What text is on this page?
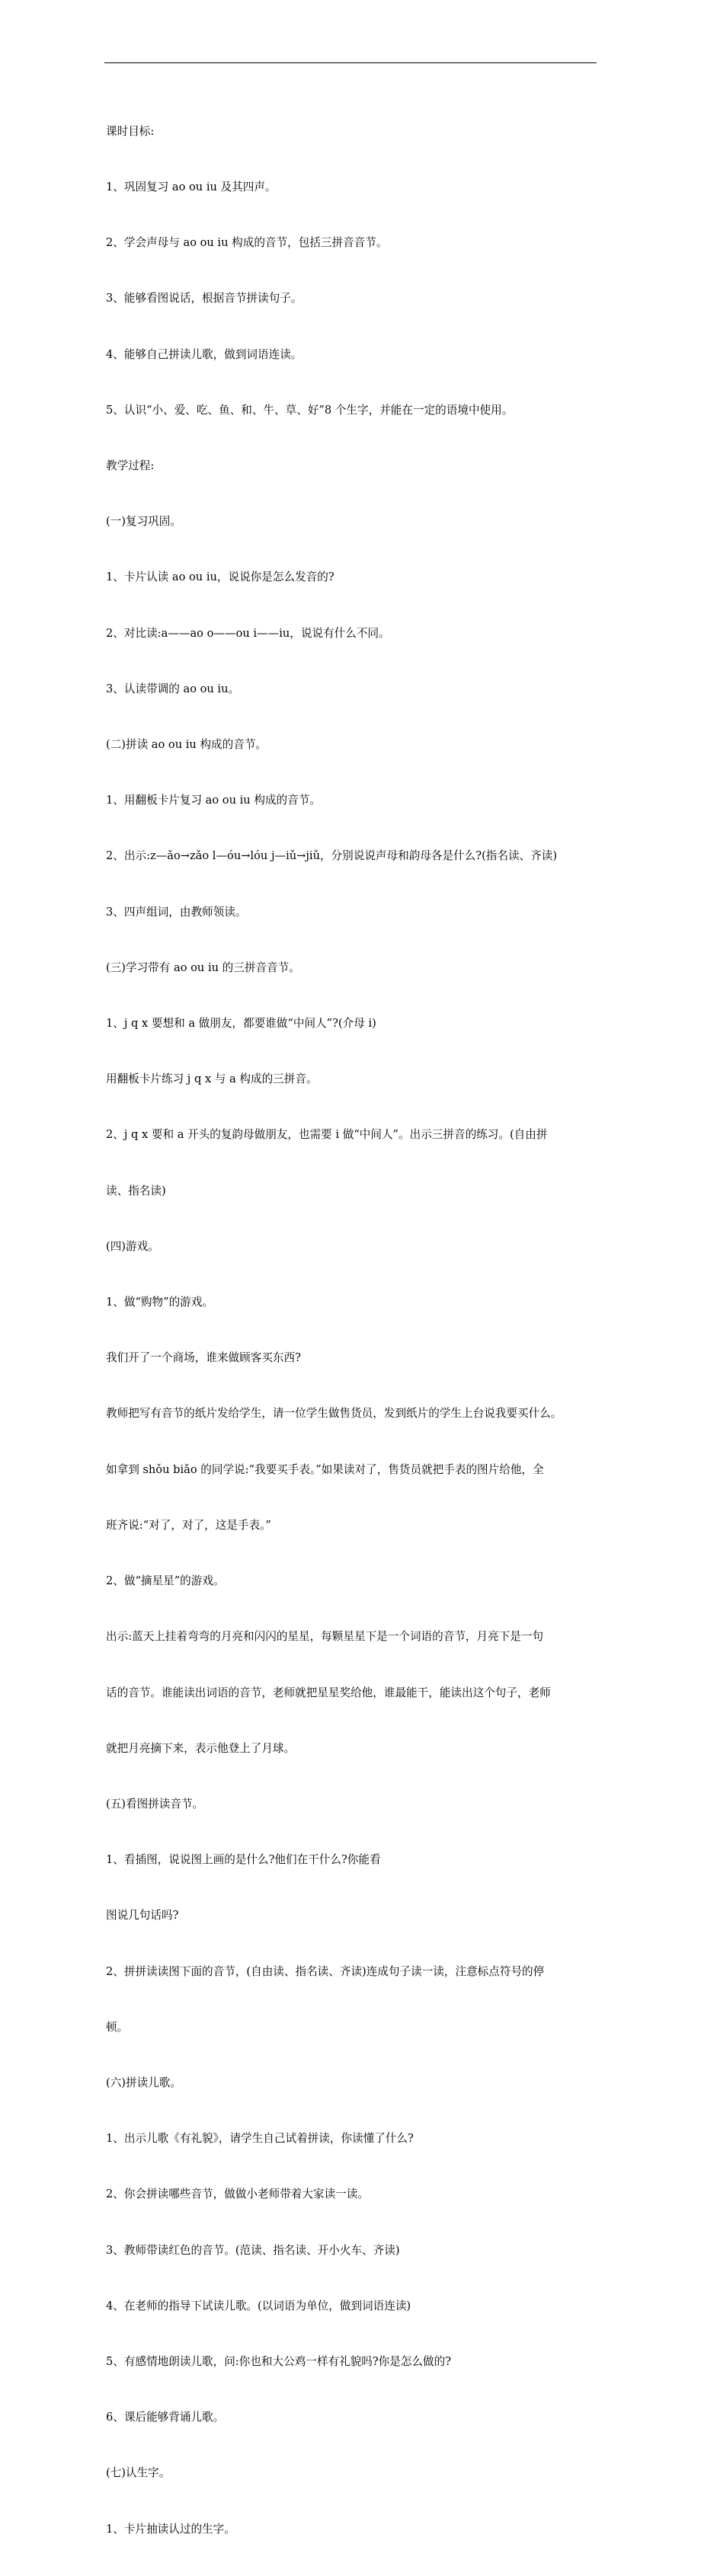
课时目标:

1、巩固复习 ao ou iu 及其四声。

2、学会声母与 ao ou iu 构成的音节，包括三拼音音节。

3、能够看图说话，根据音节拼读句子。

4、能够自己拼读儿歌，做到词语连读。

5、认识“小、爱、吃、鱼、和、牛、草、好”8 个生字，并能在一定的语境中使用。

教学过程:

(一)复习巩固。

1、卡片认读 ao ou iu，说说你是怎么发音的?

2、对比读:a——ao o——ou i——iu，说说有什么不同。

3、认读带调的 ao ou iu。

(二)拼读 ao ou iu 构成的音节。

1、用翻板卡片复习 ao ou iu 构成的音节。

2、出示:z—ǎo→zǎo l—óu→lóu j—iǔ→jiǔ，分别说说声母和韵母各是什么?(指名读、齐读)

3、四声组词，由教师领读。

(三)学习带有 ao ou iu 的三拼音音节。

1、j q x 要想和 a 做朋友，都要谁做“中间人”?(介母 i)

用翻板卡片练习 j q x 与 a 构成的三拼音。

2、j q x 要和 a 开头的复韵母做朋友，也需要 i 做“中间人”。出示三拼音的练习。(自由拼

读、指名读)

(四)游戏。

1、做“购物”的游戏。

我们开了一个商场，谁来做顾客买东西?

教师把写有音节的纸片发给学生，请一位学生做售货员，发到纸片的学生上台说我要买什么。

如拿到 shǒu biǎo 的同学说:“我要买手表。”如果读对了，售货员就把手表的图片给他，全

班齐说:“对了，对了，这是手表。”

2、做“摘星星”的游戏。

出示:蓝天上挂着弯弯的月亮和闪闪的星星，每颗星星下是一个词语的音节，月亮下是一句

话的音节。谁能读出词语的音节，老师就把星星奖给他，谁最能干，能读出这个句子，老师

就把月亮摘下来，表示他登上了月球。

(五)看图拼读音节。

1、看插图，说说图上画的是什么?他们在干什么?你能看

图说几句话吗?

2、拼拼读读图下面的音节，(自由读、指名读、齐读)连成句子读一读，注意标点符号的停

顿。

(六)拼读儿歌。

1、出示儿歌《有礼貌》，请学生自己试着拼读，你读懂了什么?

2、你会拼读哪些音节，做做小老师带着大家读一读。

3、教师带读红色的音节。(范读、指名读、开小火车、齐读)

4、在老师的指导下试读儿歌。(以词语为单位，做到词语连读)

5、有感情地朗读儿歌，问:你也和大公鸡一样有礼貌吗?你是怎么做的?

6、课后能够背诵儿歌。

(七)认生字。

1、卡片抽读认过的生字。
